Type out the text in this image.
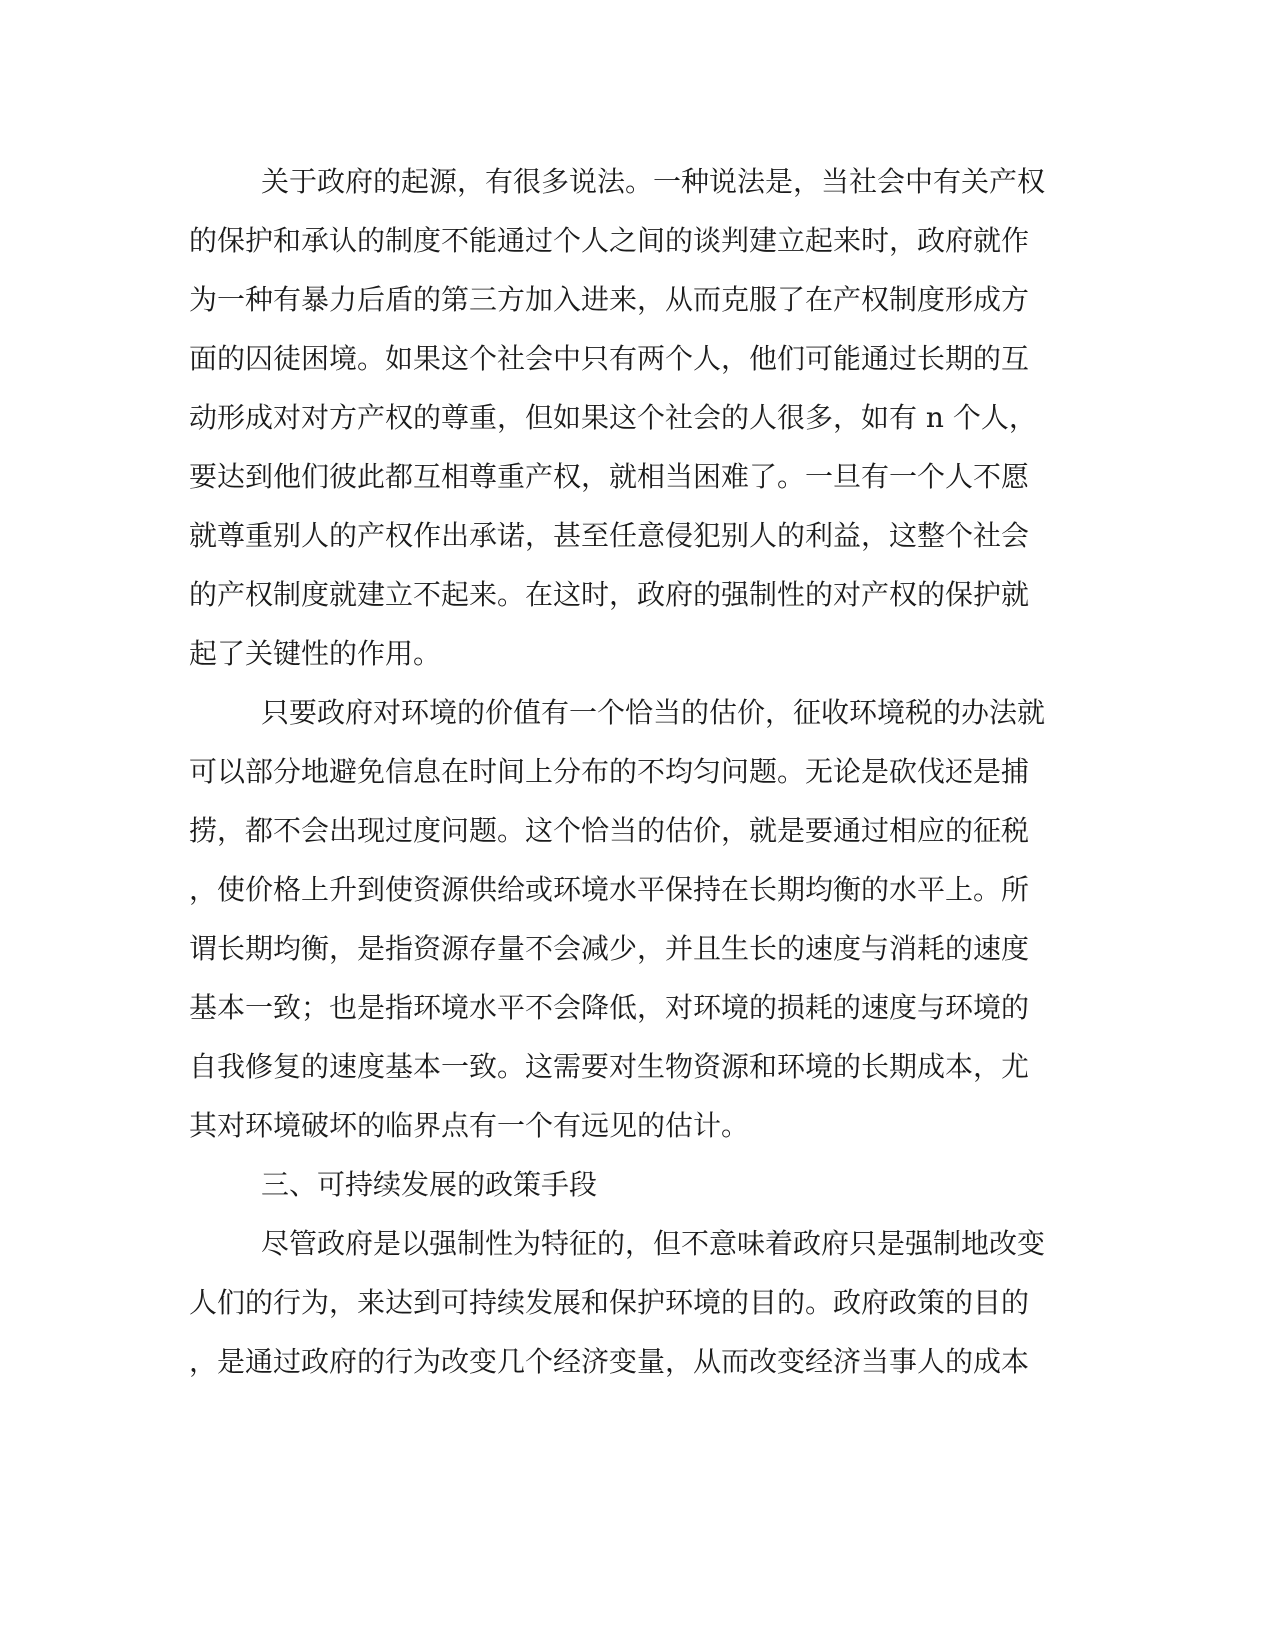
关于政府的起源，有很多说法。一种说法是，当社会中有关产权
的保护和承认的制度不能通过个人之间的谈判建立起来时，政府就作
为一种有暴力后盾的第三方加入进来，从而克服了在产权制度形成方
面的囚徒困境。如果这个社会中只有两个人，他们可能通过长期的互
动形成对对方产权的尊重，但如果这个社会的人很多，如有 n 个人，
要达到他们彼此都互相尊重产权，就相当困难了。一旦有一个人不愿
就尊重别人的产权作出承诺，甚至任意侵犯别人的利益，这整个社会
的产权制度就建立不起来。在这时，政府的强制性的对产权的保护就
起了关键性的作用。
只要政府对环境的价值有一个恰当的估价，征收环境税的办法就
可以部分地避免信息在时间上分布的不均匀问题。无论是砍伐还是捕
捞，都不会出现过度问题。这个恰当的估价，就是要通过相应的征税
，使价格上升到使资源供给或环境水平保持在长期均衡的水平上。所
谓长期均衡，是指资源存量不会减少，并且生长的速度与消耗的速度
基本一致；也是指环境水平不会降低，对环境的损耗的速度与环境的
自我修复的速度基本一致。这需要对生物资源和环境的长期成本，尤
其对环境破坏的临界点有一个有远见的估计。
三、可持续发展的政策手段
尽管政府是以强制性为特征的，但不意味着政府只是强制地改变
人们的行为，来达到可持续发展和保护环境的目的。政府政策的目的
，是通过政府的行为改变几个经济变量，从而改变经济当事人的成本
